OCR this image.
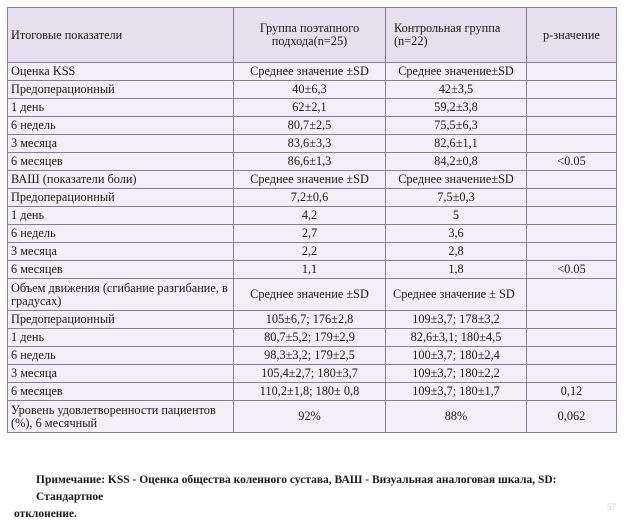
Итоговые показатели	Группа поэтапного подхода(n=25)	Контрольная группа (n=22)	p-значение
Оценка KSS	Среднее значение ±SD	Среднее значение±SD	
Предоперационный	40±6,3	42±3,5	
1 день	62±2,1	59,2±3,8	
6 недель	80,7±2,5	75,5±6,3	
3 месяца	83,6±3,3	82,6±1,1	
6 месяцев	86,6±1,3	84,2±0,8	<0.05
ВАШ (показатели боли)	Среднее значение ±SD	Среднее значение±SD	
Предоперационный	7,2±0,6	7,5±0,3	
1 день	4,2	5	
6 недель	2,7	3,6	
3 месяца	2,2	2,8	
6 месяцев	1,1	1,8	<0.05
Объем движения (сгибание разгибание, в градусах)	Среднее значение ±SD	Среднее значение ± SD	
Предоперационный	105±6,7; 176±2,8	109±3,7; 178±3,2	
1 день	80,7±5,2; 179±2,9	82,6±3,1; 180±4,5	
6 недель	98,3±3,2; 179±2,5	100±3,7; 180±2,4	
3 месяца	105,4±2,7; 180±3,7	109±3,7; 180±2,2	
6 месяцев	110,2±1,8; 180± 0,8	109±3,7; 180±1,7	0,12
Уровень удовлетворенности пациентов (%), 6 месячный	92%	88%	0,062
Примечание: KSS - Оценка общества коленного сустава, ВАШ - Визуальная аналоговая шкала, SD: Стандартное
отклонение.
57
